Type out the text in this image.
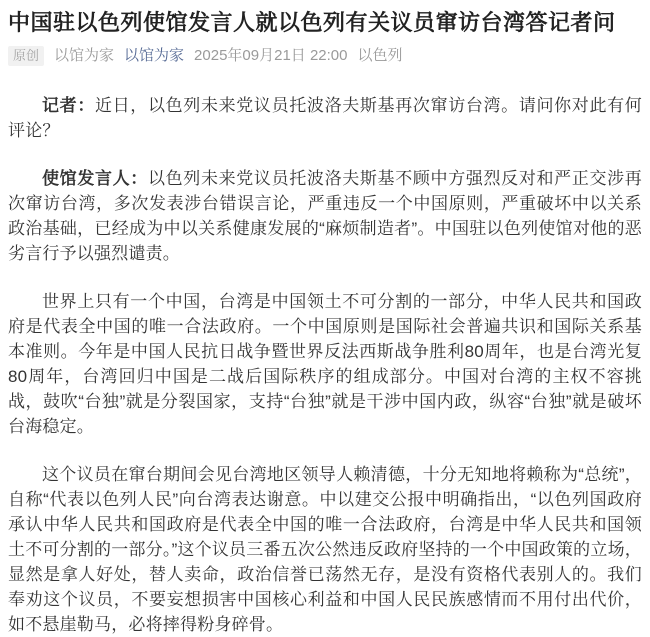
中国驻以色列使馆发言人就以色列有关议员窜访台湾答记者问
原创	以馆为家 以馆为家 2025年09月21日 22:00 以色列

记者：近日，以色列未来党议员托波洛夫斯基再次窜访台湾。请问你对此有何评论？

使馆发言人：以色列未来党议员托波洛夫斯基不顾中方强烈反对和严正交涉再次窜访台湾，多次发表涉台错误言论，严重违反一个中国原则，严重破坏中以关系政治基础，已经成为中以关系健康发展的“麻烦制造者”。中国驻以色列使馆对他的恶劣言行予以强烈谴责。

世界上只有一个中国，台湾是中国领土不可分割的一部分，中华人民共和国政府是代表全中国的唯一合法政府。一个中国原则是国际社会普遍共识和国际关系基本准则。今年是中国人民抗日战争暨世界反法西斯战争胜利80周年，也是台湾光复80周年，台湾回归中国是二战后国际秩序的组成部分。中国对台湾的主权不容挑战，鼓吹“台独”就是分裂国家，支持“台独”就是干涉中国内政，纵容“台独”就是破坏台海稳定。

这个议员在窜台期间会见台湾地区领导人赖清德，十分无知地将赖称为“总统”，自称“代表以色列人民”向台湾表达谢意。中以建交公报中明确指出，“以色列国政府承认中华人民共和国政府是代表全中国的唯一合法政府，台湾是中华人民共和国领土不可分割的一部分。”这个议员三番五次公然违反政府坚持的一个中国政策的立场，显然是拿人好处，替人卖命，政治信誉已荡然无存，是没有资格代表别人的。我们奉劝这个议员，不要妄想损害中国核心利益和中国人民民族感情而不用付出代价，如不悬崖勒马，必将摔得粉身碎骨。
